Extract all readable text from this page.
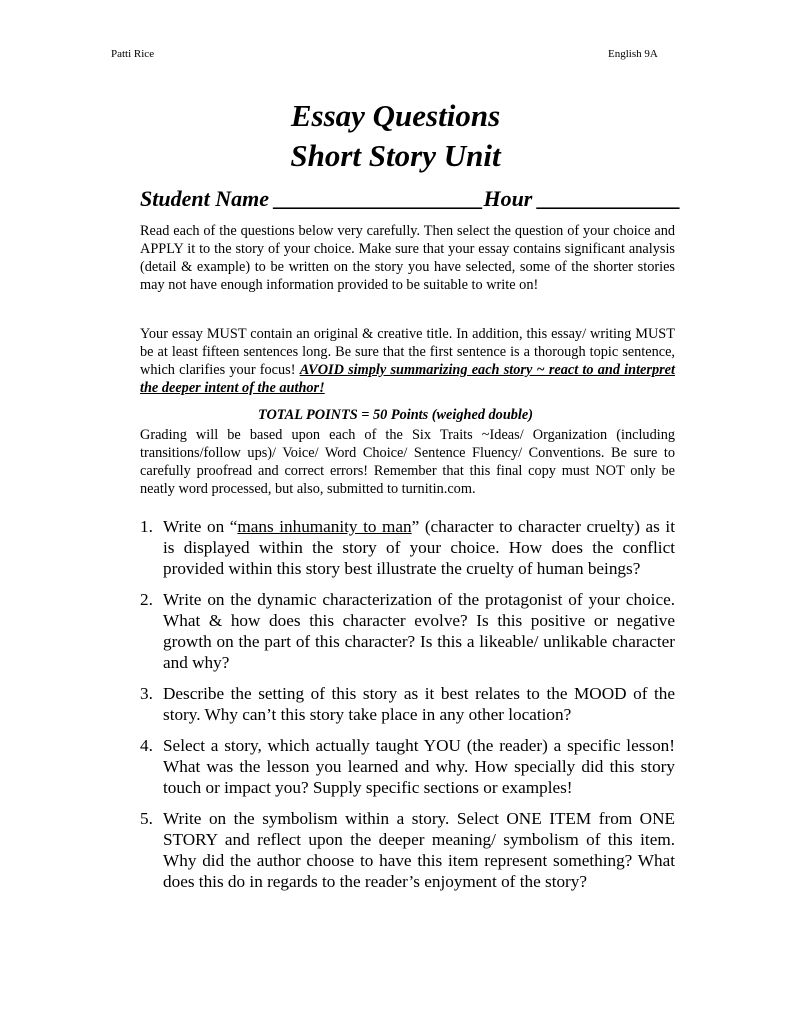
Patti Rice	English 9A
Essay Questions
Short Story Unit
Student Name ___________________Hour _____________

Read each of the questions below very carefully. Then select the question of your choice and APPLY it to the story of your choice. Make sure that your essay contains significant analysis (detail & example) to be written on the story you have selected, some of the shorter stories may not have enough information provided to be suitable to write on!

Your essay MUST contain an original & creative title. In addition, this essay/ writing MUST be at least fifteen sentences long. Be sure that the first sentence is a thorough topic sentence, which clarifies your focus! AVOID simply summarizing each story ~ react to and interpret the deeper intent of the author!

TOTAL POINTS = 50 Points (weighed double)

Grading will be based upon each of the Six Traits ~Ideas/ Organization (including transitions/follow ups)/ Voice/ Word Choice/ Sentence Fluency/ Conventions. Be sure to carefully proofread and correct errors! Remember that this final copy must NOT only be neatly word processed, but also, submitted to turnitin.com.

1. Write on “mans inhumanity to man” (character to character cruelty) as it is displayed within the story of your choice. How does the conflict provided within this story best illustrate the cruelty of human beings?
2. Write on the dynamic characterization of the protagonist of your choice. What & how does this character evolve? Is this positive or negative growth on the part of this character? Is this a likeable/ unlikable character and why?
3. Describe the setting of this story as it best relates to the MOOD of the story. Why can’t this story take place in any other location?
4. Select a story, which actually taught YOU (the reader) a specific lesson! What was the lesson you learned and why. How specially did this story touch or impact you? Supply specific sections or examples!
5. Write on the symbolism within a story. Select ONE ITEM from ONE STORY and reflect upon the deeper meaning/ symbolism of this item. Why did the author choose to have this item represent something? What does this do in regards to the reader’s enjoyment of the story?
